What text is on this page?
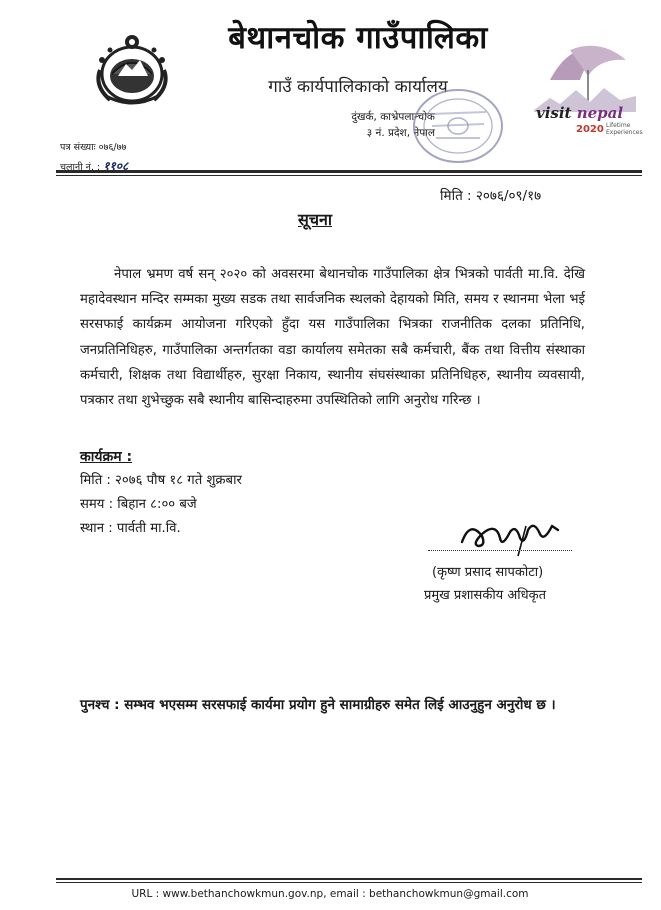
बेथानचोक गाउँपालिका
गाउँ कार्यपालिकाको कार्यालय
दुंखर्क, काभ्रेपलान्चोक
३ नं. प्रदेश, नेपाल
visit nepal
2020 Lifetime
Experiences
पत्र संख्याः ०७६/७७
चलानी नं. : ११०८
मिति : २०७६/०९/१७
सूचना
नेपाल भ्रमण वर्ष सन् २०२० को अवसरमा बेथानचोक गाउँपालिका क्षेत्र भित्रको पार्वती मा.वि. देखि महादेवस्थान मन्दिर सम्मका मुख्य सडक तथा सार्वजनिक स्थलको देहायको मिति, समय र स्थानमा भेला भई सरसफाई कार्यक्रम आयोजना गरिएको हुँदा यस गाउँपालिका भित्रका राजनीतिक दलका प्रतिनिधि, जनप्रतिनिधिहरु, गाउँपालिका अन्तर्गतका वडा कार्यालय समेतका सबै कर्मचारी, बैंक तथा वित्तीय संस्थाका कर्मचारी, शिक्षक तथा विद्यार्थीहरु, सुरक्षा निकाय, स्थानीय संघसंस्थाका प्रतिनिधिहरु, स्थानीय व्यवसायी, पत्रकार तथा शुभेच्छुक सबै स्थानीय बासिन्दाहरुमा उपस्थितिको लागि अनुरोध गरिन्छ ।
कार्यक्रम :
मिति : २०७६ पौष १८ गते शुक्रबार
समय : बिहान ८:०० बजे
स्थान : पार्वती मा.वि.
(कृष्ण प्रसाद सापकोटा)
प्रमुख प्रशासकीय अधिकृत
पुनश्च : सम्भव भएसम्म सरसफाई कार्यमा प्रयोग हुने सामाग्रीहरु समेत लिई आउनुहुन अनुरोध छ ।
URL : www.bethanchowkmun.gov.np, email : bethanchowkmun@gmail.com
